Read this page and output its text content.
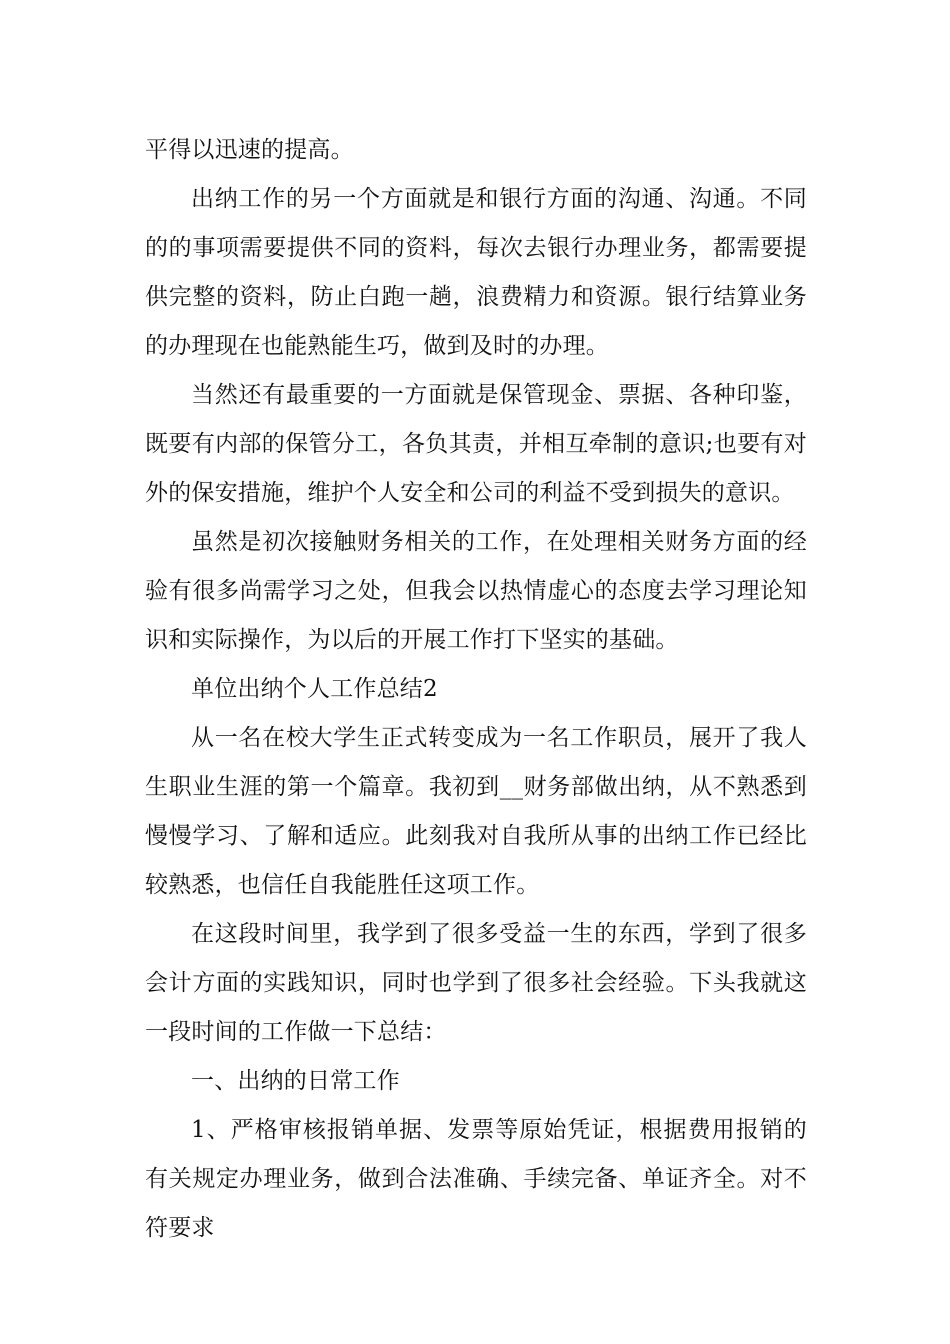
平得以迅速的提高。

出纳工作的另一个方面就是和银行方面的沟通、沟通。不同的的事项需要提供不同的资料，每次去银行办理业务，都需要提供完整的资料，防止白跑一趟，浪费精力和资源。银行结算业务的办理现在也能熟能生巧，做到及时的办理。

当然还有最重要的一方面就是保管现金、票据、各种印鉴，既要有内部的保管分工，各负其责，并相互牵制的意识;也要有对外的保安措施，维护个人安全和公司的利益不受到损失的意识。

虽然是初次接触财务相关的工作，在处理相关财务方面的经验有很多尚需学习之处，但我会以热情虚心的态度去学习理论知识和实际操作，为以后的开展工作打下坚实的基础。

单位出纳个人工作总结2

从一名在校大学生正式转变成为一名工作职员，展开了我人生职业生涯的第一个篇章。我初到__财务部做出纳，从不熟悉到慢慢学习、了解和适应。此刻我对自我所从事的出纳工作已经比较熟悉，也信任自我能胜任这项工作。

在这段时间里，我学到了很多受益一生的东西，学到了很多会计方面的实践知识，同时也学到了很多社会经验。下头我就这一段时间的工作做一下总结：

一、出纳的日常工作

1、严格审核报销单据、发票等原始凭证，根据费用报销的有关规定办理业务，做到合法准确、手续完备、单证齐全。对不符要求
